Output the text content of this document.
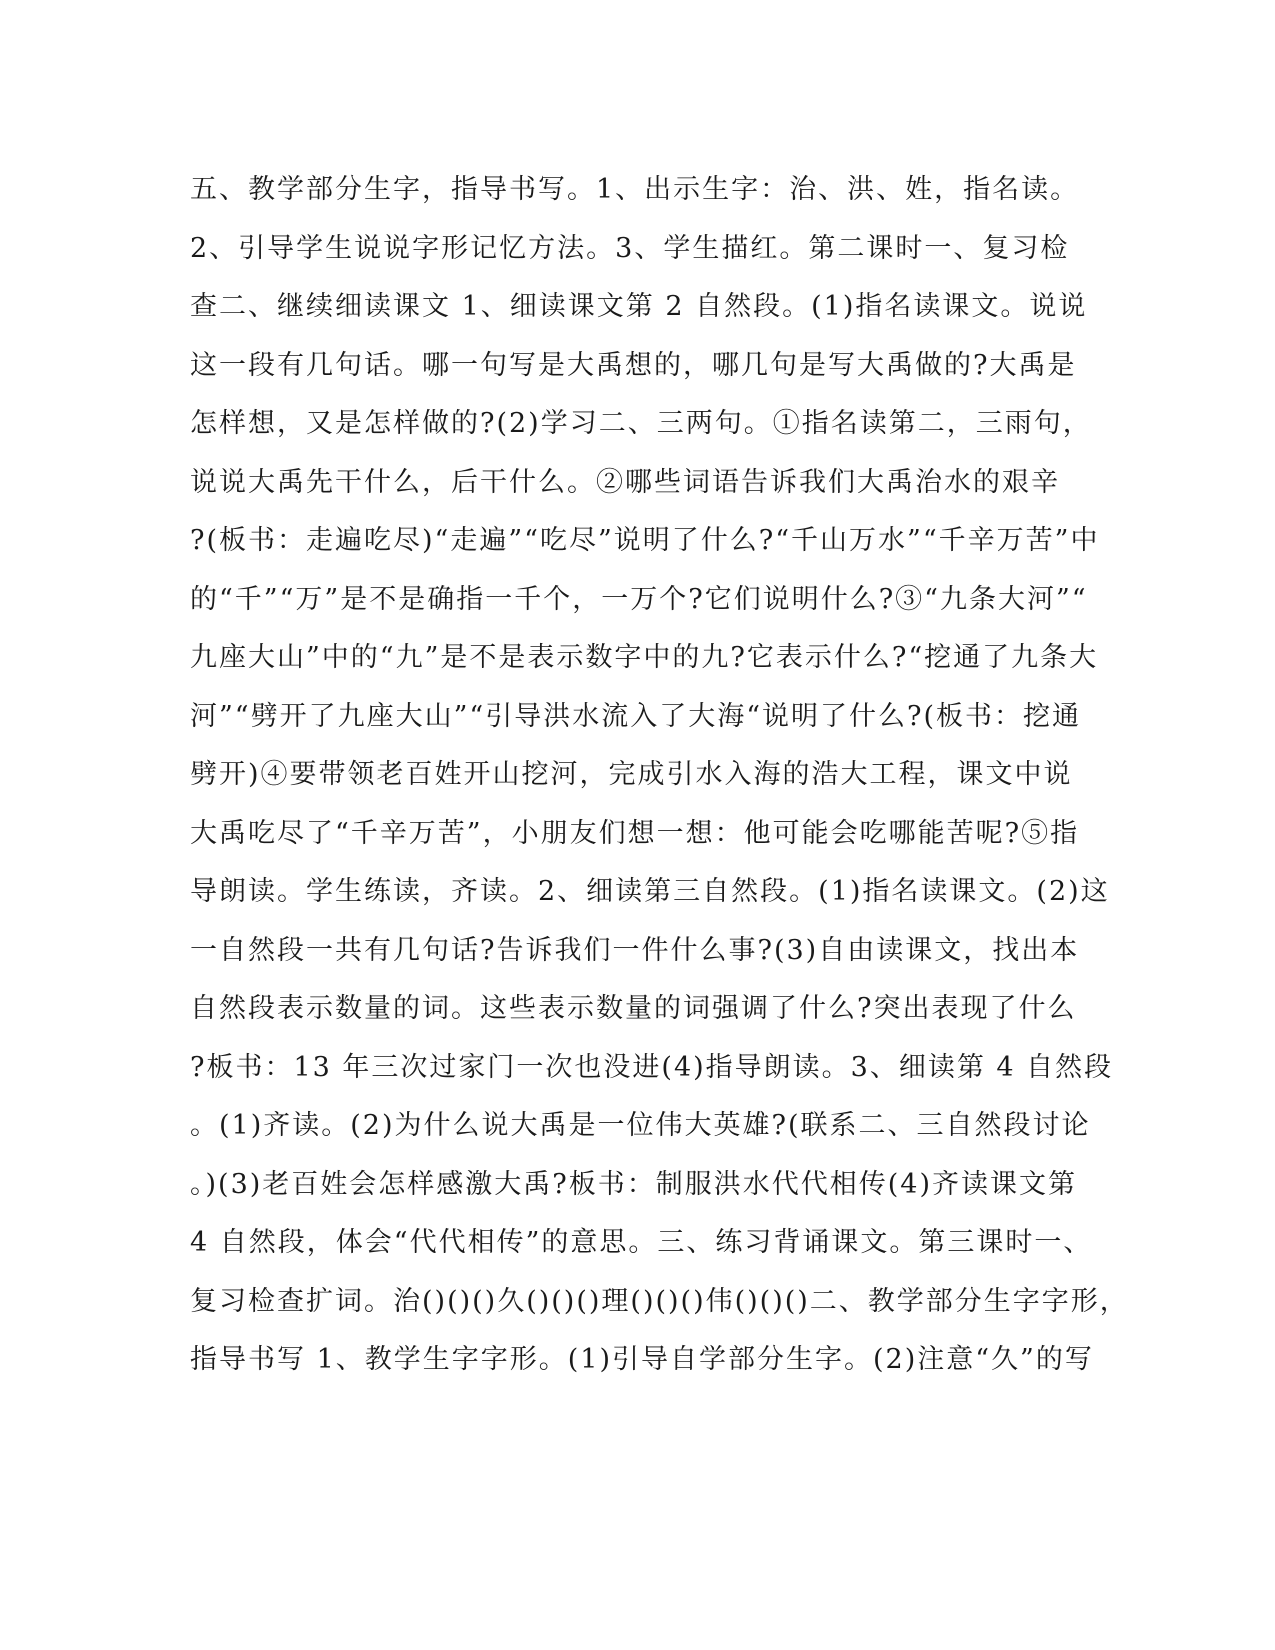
五、教学部分生字，指导书写。1、出示生字：治、洪、姓，指名读。
2、引导学生说说字形记忆方法。3、学生描红。第二课时一、复习检
查二、继续细读课文 1、细读课文第 2 自然段。(1)指名读课文。说说
这一段有几句话。哪一句写是大禹想的，哪几句是写大禹做的?大禹是
怎样想，又是怎样做的?(2)学习二、三两句。①指名读第二，三雨句，
说说大禹先干什么，后干什么。②哪些词语告诉我们大禹治水的艰辛
?(板书：走遍吃尽)“走遍”“吃尽”说明了什么?“千山万水”“千辛万苦”中
的“千”“万”是不是确指一千个，一万个?它们说明什么?③“九条大河”“
九座大山”中的“九”是不是表示数字中的九?它表示什么?“挖通了九条大
河”“劈开了九座大山”“引导洪水流入了大海“说明了什么?(板书：挖通
劈开)④要带领老百姓开山挖河，完成引水入海的浩大工程，课文中说
大禹吃尽了“千辛万苦”，小朋友们想一想：他可能会吃哪能苦呢?⑤指
导朗读。学生练读，齐读。2、细读第三自然段。(1)指名读课文。(2)这
一自然段一共有几句话?告诉我们一件什么事?(3)自由读课文，找出本
自然段表示数量的词。这些表示数量的词强调了什么?突出表现了什么
?板书：13 年三次过家门一次也没进(4)指导朗读。3、细读第 4 自然段
。(1)齐读。(2)为什么说大禹是一位伟大英雄?(联系二、三自然段讨论
。)(3)老百姓会怎样感激大禹?板书：制服洪水代代相传(4)齐读课文第
4 自然段，体会“代代相传”的意思。三、练习背诵课文。第三课时一、
复习检查扩词。治()()()久()()()理()()()伟()()()二、教学部分生字字形，
指导书写 1、教学生字字形。(1)引导自学部分生字。(2)注意“久”的写
